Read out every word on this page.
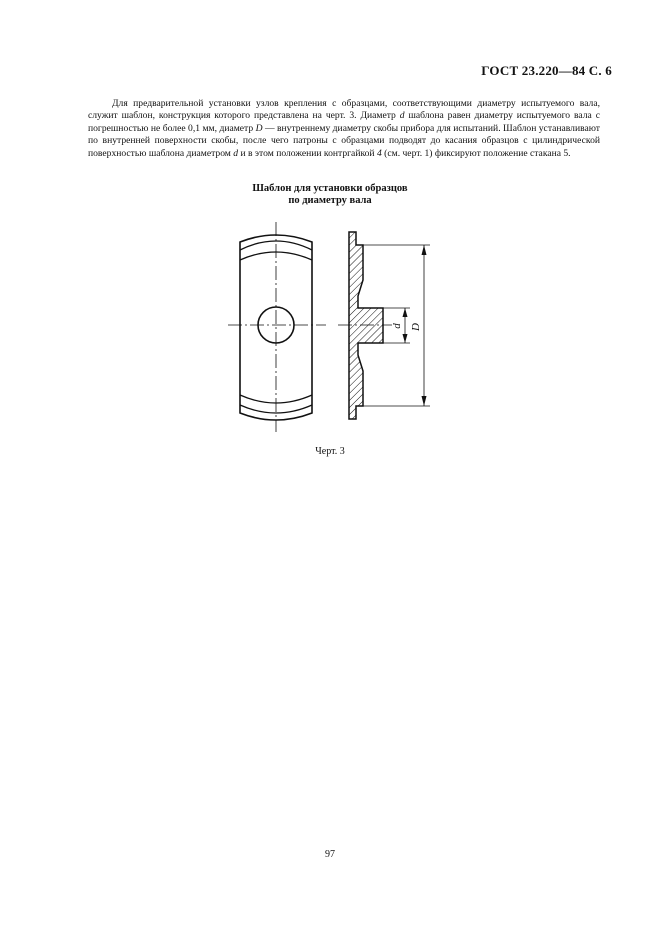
ГОСТ 23.220—84 С. 6

Для предварительной установки узлов крепления с образцами, соответствующими диаметру испытуемого вала, служит шаблон, конструкция которого представлена на черт. 3. Диаметр d шаблона равен диаметру испытуемого вала с погрешностью не более 0,1 мм, диаметр D — внутреннему диаметру скобы прибора для испытаний. Шаблон устанавливают по внутренней поверхности скобы, после чего патроны с образцами подводят до касания образцов с цилиндрической поверхностью шаблона диаметром d и в этом положении контргайкой 4 (см. черт. 1) фиксируют положение стакана 5.

Шаблон для установки образцов
по диаметру вала
d D
Черт. 3
97
